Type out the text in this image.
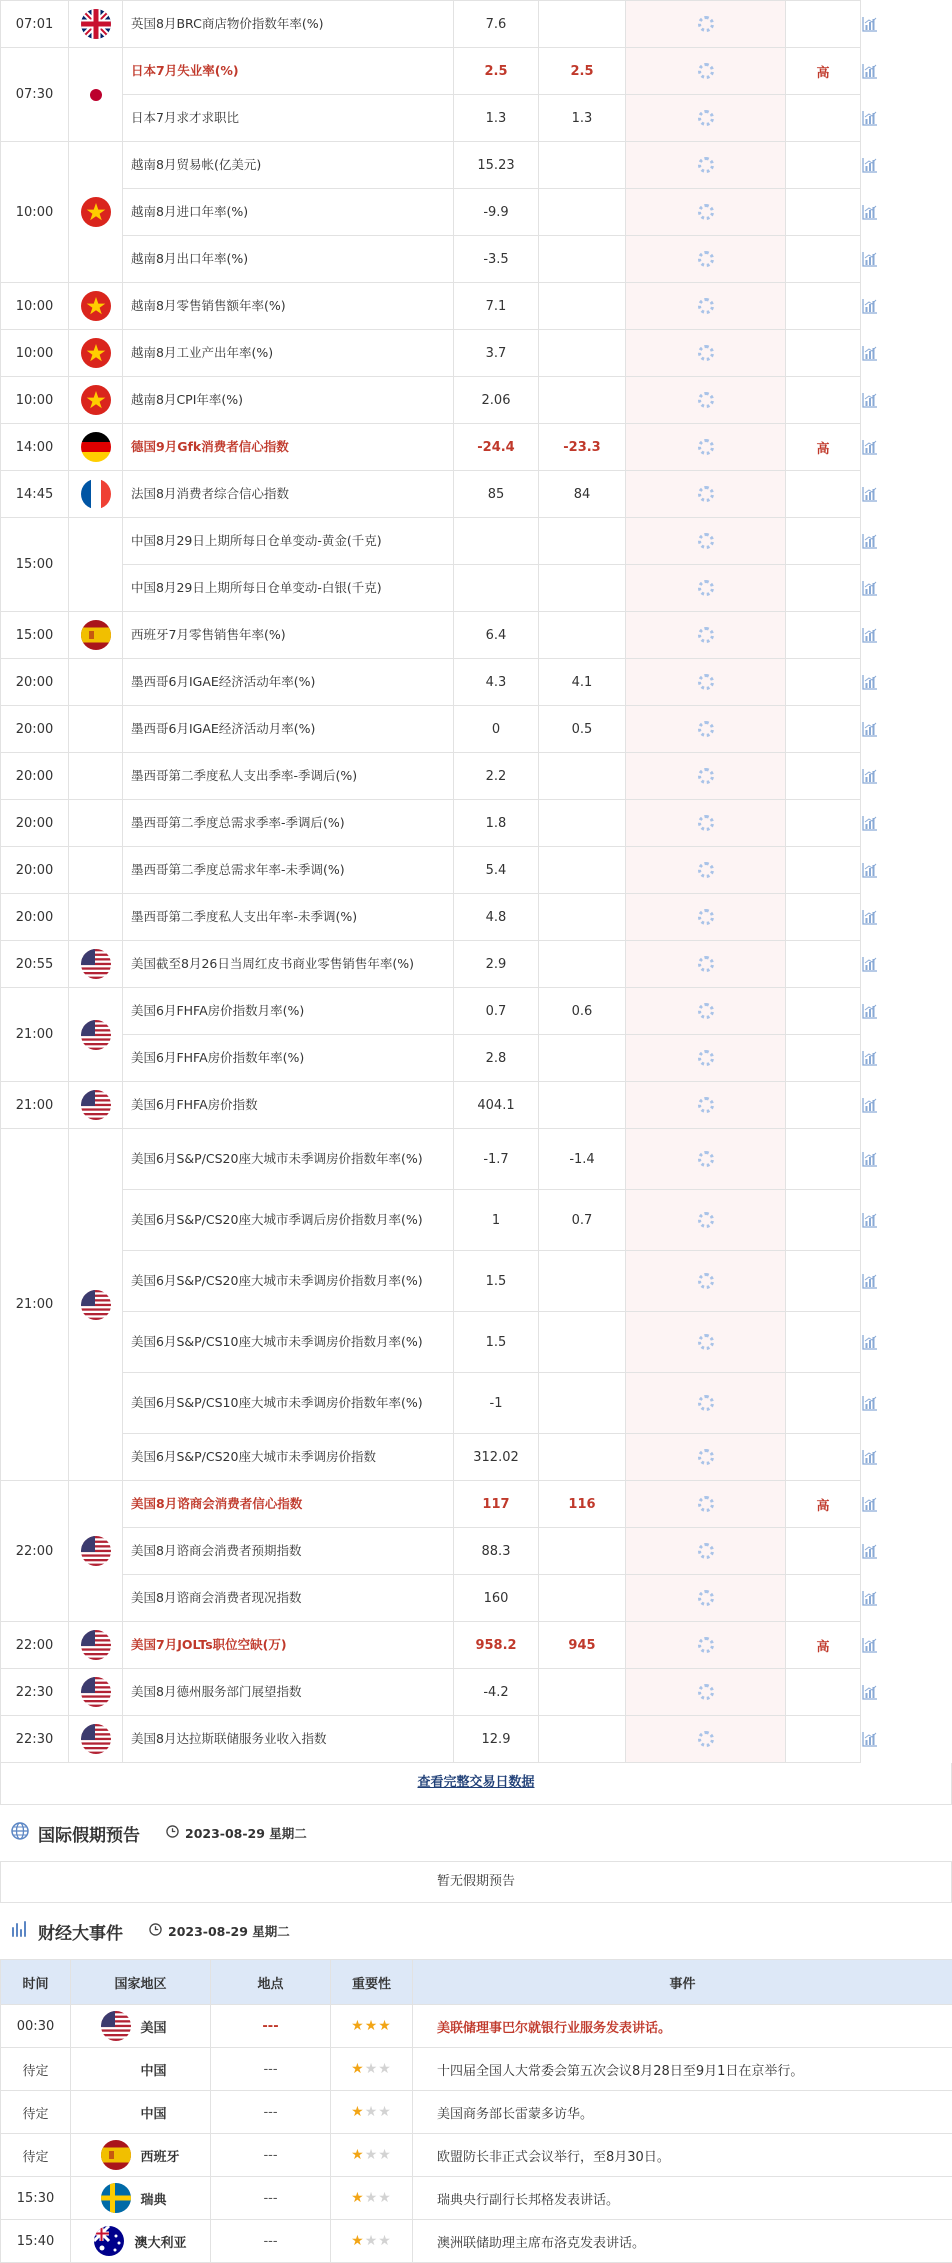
07:01		英国8月BRC商店物价指数年率(%)	7.6				
07:30		日本7月失业率(%)	2.5	2.5		高	
		日本7月求才求职比	1.3	1.3			
10:00		越南8月贸易帐(亿美元)	15.23				
		越南8月进口年率(%)	-9.9				
		越南8月出口年率(%)	-3.5				
10:00		越南8月零售销售额年率(%)	7.1				
10:00		越南8月工业产出年率(%)	3.7				
10:00		越南8月CPI年率(%)	2.06				
14:00		德国9月Gfk消费者信心指数	-24.4	-23.3		高	
14:45		法国8月消费者综合信心指数	85	84			
15:00		中国8月29日上期所每日仓单变动-黄金(千克)					
		中国8月29日上期所每日仓单变动-白银(千克)					
15:00		西班牙7月零售销售年率(%)	6.4				
20:00		墨西哥6月IGAE经济活动年率(%)	4.3	4.1			
20:00		墨西哥6月IGAE经济活动月率(%)	0	0.5			
20:00		墨西哥第二季度私人支出季率-季调后(%)	2.2				
20:00		墨西哥第二季度总需求季率-季调后(%)	1.8				
20:00		墨西哥第二季度总需求年率-未季调(%)	5.4				
20:00		墨西哥第二季度私人支出年率-未季调(%)	4.8				
20:55		美国截至8月26日当周红皮书商业零售销售年率(%)	2.9				
21:00		美国6月FHFA房价指数月率(%)	0.7	0.6			
		美国6月FHFA房价指数年率(%)	2.8				
21:00		美国6月FHFA房价指数	404.1				
21:00		美国6月S&P/CS20座大城市未季调房价指数年率(%)	-1.7	-1.4			
		美国6月S&P/CS20座大城市季调后房价指数月率(%)	1	0.7			
		美国6月S&P/CS20座大城市未季调房价指数月率(%)	1.5				
		美国6月S&P/CS10座大城市未季调房价指数月率(%)	1.5				
		美国6月S&P/CS10座大城市未季调房价指数年率(%)	-1				
		美国6月S&P/CS20座大城市未季调房价指数	312.02				
22:00		美国8月谘商会消费者信心指数	117	116		高	
		美国8月谘商会消费者预期指数	88.3				
		美国8月谘商会消费者现况指数	160				
22:00		美国7月JOLTs职位空缺(万)	958.2	945		高	
22:30		美国8月德州服务部门展望指数	-4.2				
22:30		美国8月达拉斯联储服务业收入指数	12.9				
查看完整交易日数据
国际假期预告	2023-08-29 星期二
暂无假期预告
财经大事件	2023-08-29 星期二
时间	国家地区	地点	重要性	事件
00:30	美国	---	★★★	美联储理事巴尔就银行业服务发表讲话。
待定	中国	---	★★★	十四届全国人大常委会第五次会议8月28日至9月1日在京举行。
待定	中国	---	★★★	美国商务部长雷蒙多访华。
待定	西班牙	---	★★★	欧盟防长非正式会议举行，至8月30日。
15:30	瑞典	---	★★★	瑞典央行副行长邦格发表讲话。
15:40	澳大利亚	---	★★★	澳洲联储助理主席布洛克发表讲话。
